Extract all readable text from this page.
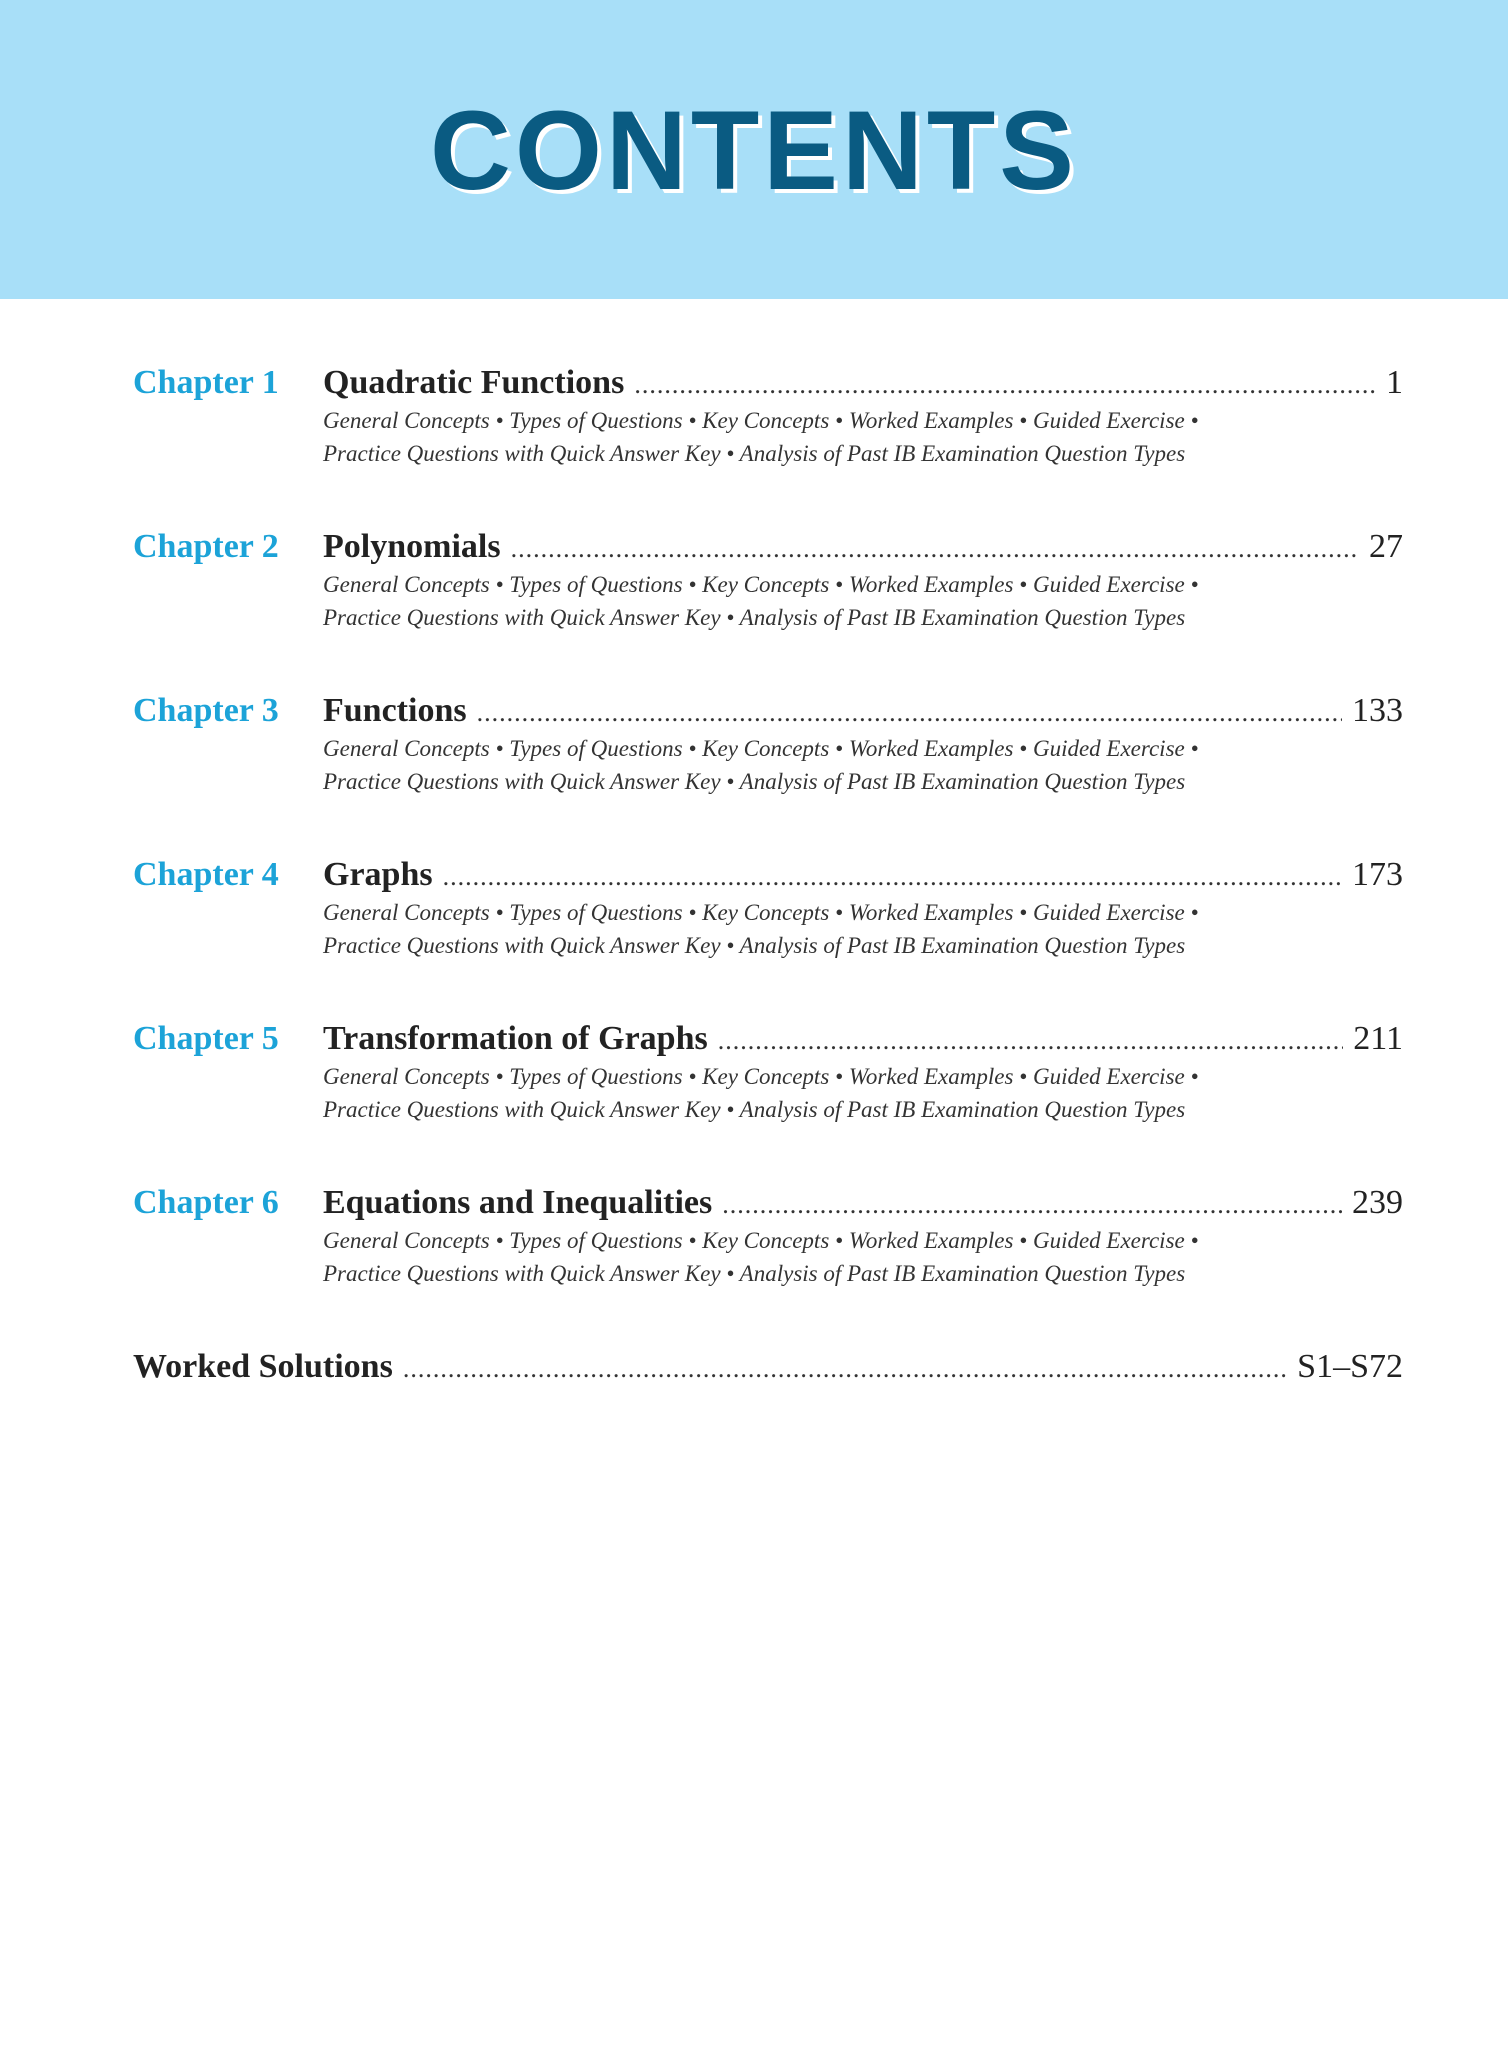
CONTENTS
Chapter 1	Quadratic Functions .....	1
General Concepts • Types of Questions • Key Concepts • Worked Examples • Guided Exercise •
Practice Questions with Quick Answer Key • Analysis of Past IB Examination Question Types
Chapter 2	Polynomials .....	27
General Concepts • Types of Questions • Key Concepts • Worked Examples • Guided Exercise •
Practice Questions with Quick Answer Key • Analysis of Past IB Examination Question Types
Chapter 3	Functions .....	133
General Concepts • Types of Questions • Key Concepts • Worked Examples • Guided Exercise •
Practice Questions with Quick Answer Key • Analysis of Past IB Examination Question Types
Chapter 4	Graphs .....	173
General Concepts • Types of Questions • Key Concepts • Worked Examples • Guided Exercise •
Practice Questions with Quick Answer Key • Analysis of Past IB Examination Question Types
Chapter 5	Transformation of Graphs .....	211
General Concepts • Types of Questions • Key Concepts • Worked Examples • Guided Exercise •
Practice Questions with Quick Answer Key • Analysis of Past IB Examination Question Types
Chapter 6	Equations and Inequalities .....	239
General Concepts • Types of Questions • Key Concepts • Worked Examples • Guided Exercise •
Practice Questions with Quick Answer Key • Analysis of Past IB Examination Question Types
Worked Solutions .....	S1–S72
